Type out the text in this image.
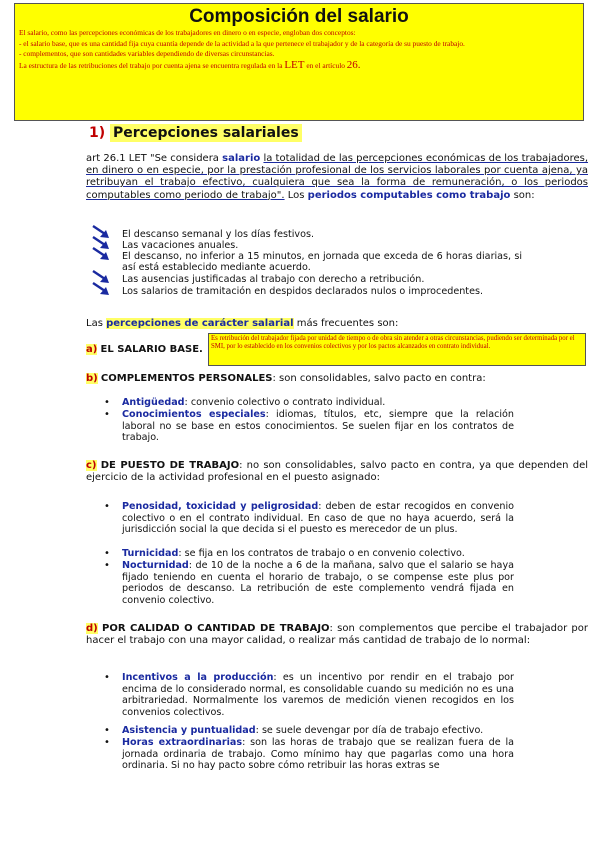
Composición del salario
El salario, como las percepciones económicas de los trabajadores en dinero o en especie, engloban dos conceptos:
- el salario base, que es una cantidad fija cuya cuantía depende de la actividad a la que pertenece el trabajador y de la categoría de su puesto de trabajo.
- complementos, que son cantidades variables dependiendo de diversas circunstancias.
La estructura de las retribuciones del trabajo por cuenta ajena se encuentra regulada en la LET en el artículo 26.
1) Percepciones salariales
art 26.1 LET "Se considera salario la totalidad de las percepciones económicas de los trabajadores, en dinero o en especie, por la prestación profesional de los servicios laborales por cuenta ajena, ya retribuyan el trabajo efectivo, cualquiera que sea la forma de remuneración, o los periodos computables como periodo de trabajo". Los periodos computables como trabajo son:
El descanso semanal y los días festivos.
Las vacaciones anuales.
El descanso, no inferior a 15 minutos, en jornada que exceda de 6 horas diarias, si así está establecido mediante acuerdo.
Las ausencias justificadas al trabajo con derecho a retribución.
Los salarios de tramitación en despidos declarados nulos o improcedentes.
Las percepciones de carácter salarial más frecuentes son:
a) EL SALARIO BASE.
Es retribución del trabajador fijada por unidad de tiempo o de obra sin atender a otras circunstancias, pudiendo ser determinada por el SMI, por lo establecido en los convenios colectivos y por los pactos alcanzados en contrato individual.
b) COMPLEMENTOS PERSONALES: son consolidables, salvo pacto en contra:
• Antigüedad: convenio colectivo o contrato individual.
• Conocimientos especiales: idiomas, títulos, etc, siempre que la relación laboral no se base en estos conocimientos. Se suelen fijar en los contratos de trabajo.
c) DE PUESTO DE TRABAJO: no son consolidables, salvo pacto en contra, ya que dependen del ejercicio de la actividad profesional en el puesto asignado:
• Penosidad, toxicidad y peligrosidad: deben de estar recogidos en convenio colectivo o en el contrato individual. En caso de que no haya acuerdo, será la jurisdicción social la que decida si el puesto es merecedor de un plus.
• Turnicidad: se fija en los contratos de trabajo o en convenio colectivo.
• Nocturnidad: de 10 de la noche a 6 de la mañana, salvo que el salario se haya fijado teniendo en cuenta el horario de trabajo, o se compense este plus por periodos de descanso. La retribución de este complemento vendrá fijada en convenio colectivo.
d) POR CALIDAD O CANTIDAD DE TRABAJO: son complementos que percibe el trabajador por hacer el trabajo con una mayor calidad, o realizar más cantidad de trabajo de lo normal:
• Incentivos a la producción: es un incentivo por rendir en el trabajo por encima de lo considerado normal, es consolidable cuando su medición no es una arbitrariedad. Normalmente los varemos de medición vienen recogidos en los convenios colectivos.
• Asistencia y puntualidad: se suele devengar por día de trabajo efectivo.
• Horas extraordinarias: son las horas de trabajo que se realizan fuera de la jornada ordinaria de trabajo. Como mínimo hay que pagarlas como una hora ordinaria. Si no hay pacto sobre cómo retribuir las horas extras se
